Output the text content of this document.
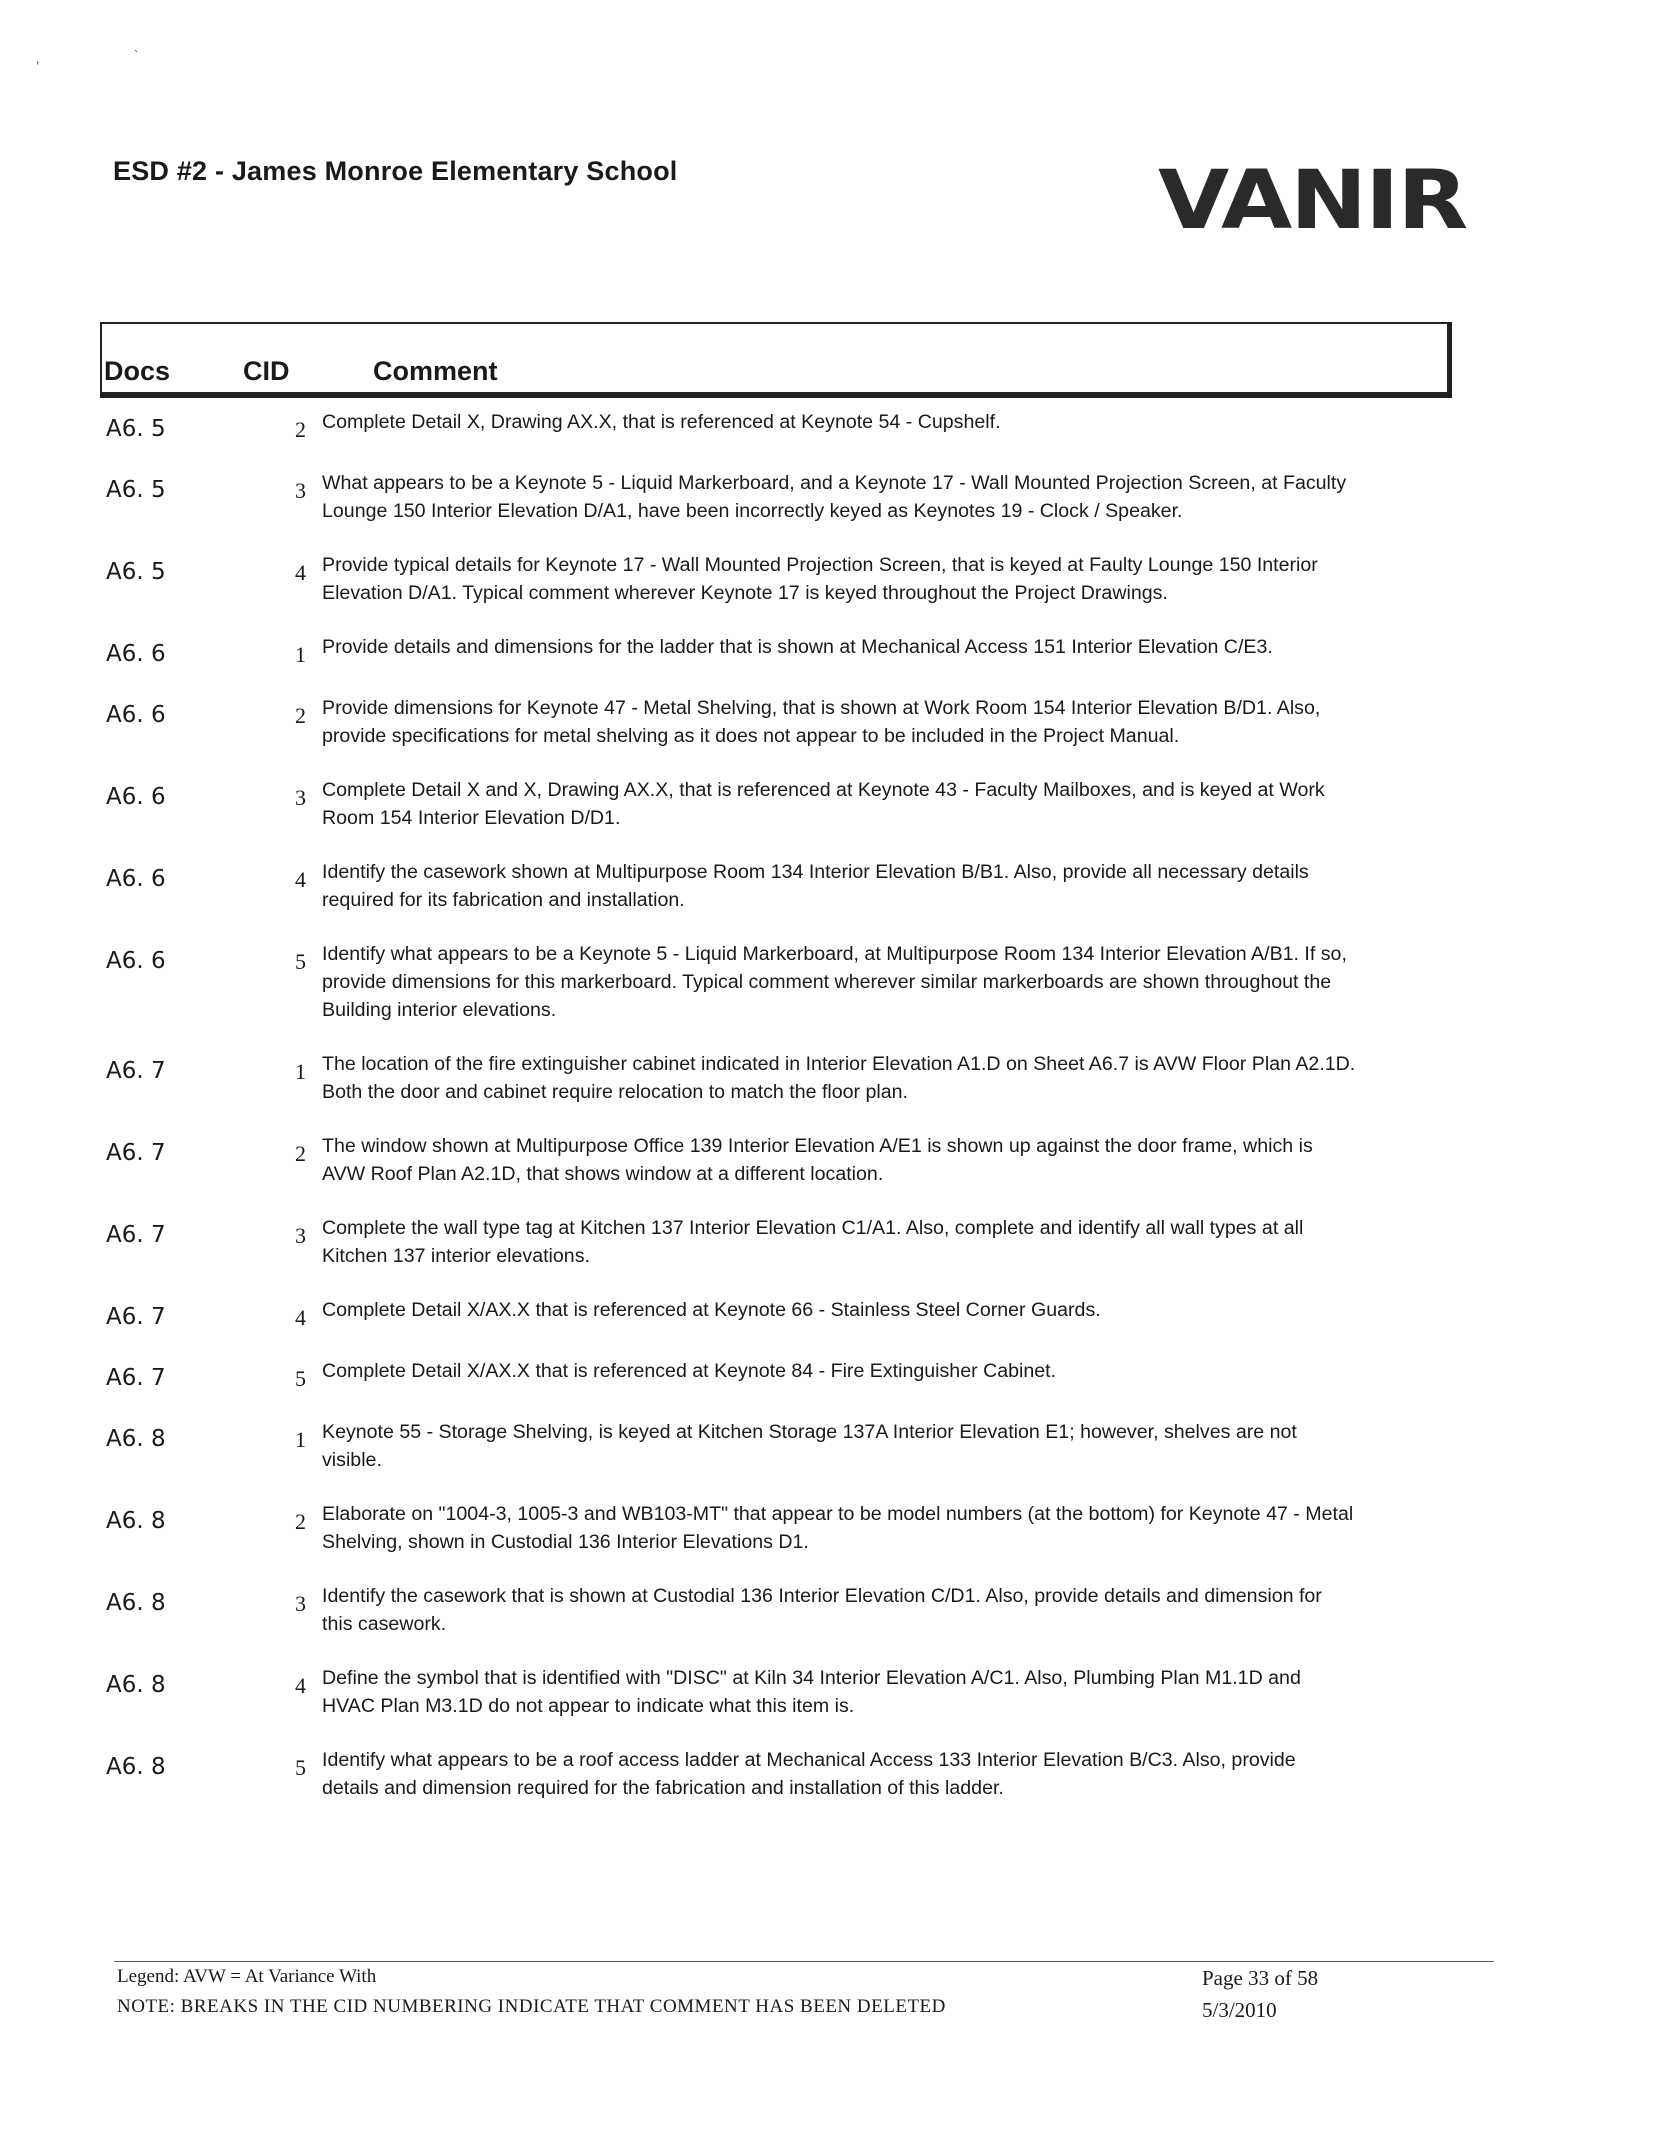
,	`
ESD #2 - James Monroe Elementary School	VANIR
Docs	CID	Comment
A6. 5	2 Complete Detail X, Drawing AX.X, that is referenced at Keynote 54 - Cupshelf.
A6. 5	3 What appears to be a Keynote 5 - Liquid Markerboard, and a Keynote 17 - Wall Mounted Projection Screen, at Faculty Lounge 150 Interior Elevation D/A1, have been incorrectly keyed as Keynotes 19 - Clock / Speaker.
A6. 5	4 Provide typical details for Keynote 17 - Wall Mounted Projection Screen, that is keyed at Faulty Lounge 150 Interior Elevation D/A1. Typical comment wherever Keynote 17 is keyed throughout the Project Drawings.
A6. 6	1 Provide details and dimensions for the ladder that is shown at Mechanical Access 151 Interior Elevation C/E3.
A6. 6	2 Provide dimensions for Keynote 47 - Metal Shelving, that is shown at Work Room 154 Interior Elevation B/D1. Also, provide specifications for metal shelving as it does not appear to be included in the Project Manual.
A6. 6	3 Complete Detail X and X, Drawing AX.X, that is referenced at Keynote 43 - Faculty Mailboxes, and is keyed at Work Room 154 Interior Elevation D/D1.
A6. 6	4 Identify the casework shown at Multipurpose Room 134 Interior Elevation B/B1. Also, provide all necessary details required for its fabrication and installation.
A6. 6	5 Identify what appears to be a Keynote 5 - Liquid Markerboard, at Multipurpose Room 134 Interior Elevation A/B1. If so, provide dimensions for this markerboard. Typical comment wherever similar markerboards are shown throughout the Building interior elevations.
A6. 7	1 The location of the fire extinguisher cabinet indicated in Interior Elevation A1.D on Sheet A6.7 is AVW Floor Plan A2.1D. Both the door and cabinet require relocation to match the floor plan.
A6. 7	2 The window shown at Multipurpose Office 139 Interior Elevation A/E1 is shown up against the door frame, which is AVW Roof Plan A2.1D, that shows window at a different location.
A6. 7	3 Complete the wall type tag at Kitchen 137 Interior Elevation C1/A1. Also, complete and identify all wall types at all Kitchen 137 interior elevations.
A6. 7	4 Complete Detail X/AX.X that is referenced at Keynote 66 - Stainless Steel Corner Guards.
A6. 7	5 Complete Detail X/AX.X that is referenced at Keynote 84 - Fire Extinguisher Cabinet.
A6. 8	1 Keynote 55 - Storage Shelving, is keyed at Kitchen Storage 137A Interior Elevation E1; however, shelves are not visible.
A6. 8	2 Elaborate on "1004-3, 1005-3 and WB103-MT" that appear to be model numbers (at the bottom) for Keynote 47 - Metal Shelving, shown in Custodial 136 Interior Elevations D1.
A6. 8	3 Identify the casework that is shown at Custodial 136 Interior Elevation C/D1. Also, provide details and dimension for this casework.
A6. 8	4 Define the symbol that is identified with "DISC" at Kiln 34 Interior Elevation A/C1. Also, Plumbing Plan M1.1D and HVAC Plan M3.1D do not appear to indicate what this item is.
A6. 8	5 Identify what appears to be a roof access ladder at Mechanical Access 133 Interior Elevation B/C3. Also, provide details and dimension required for the fabrication and installation of this ladder.
Legend: AVW = At Variance With
NOTE: BREAKS IN THE CID NUMBERING INDICATE THAT COMMENT HAS BEEN DELETED
Page 33 of 58
5/3/2010
